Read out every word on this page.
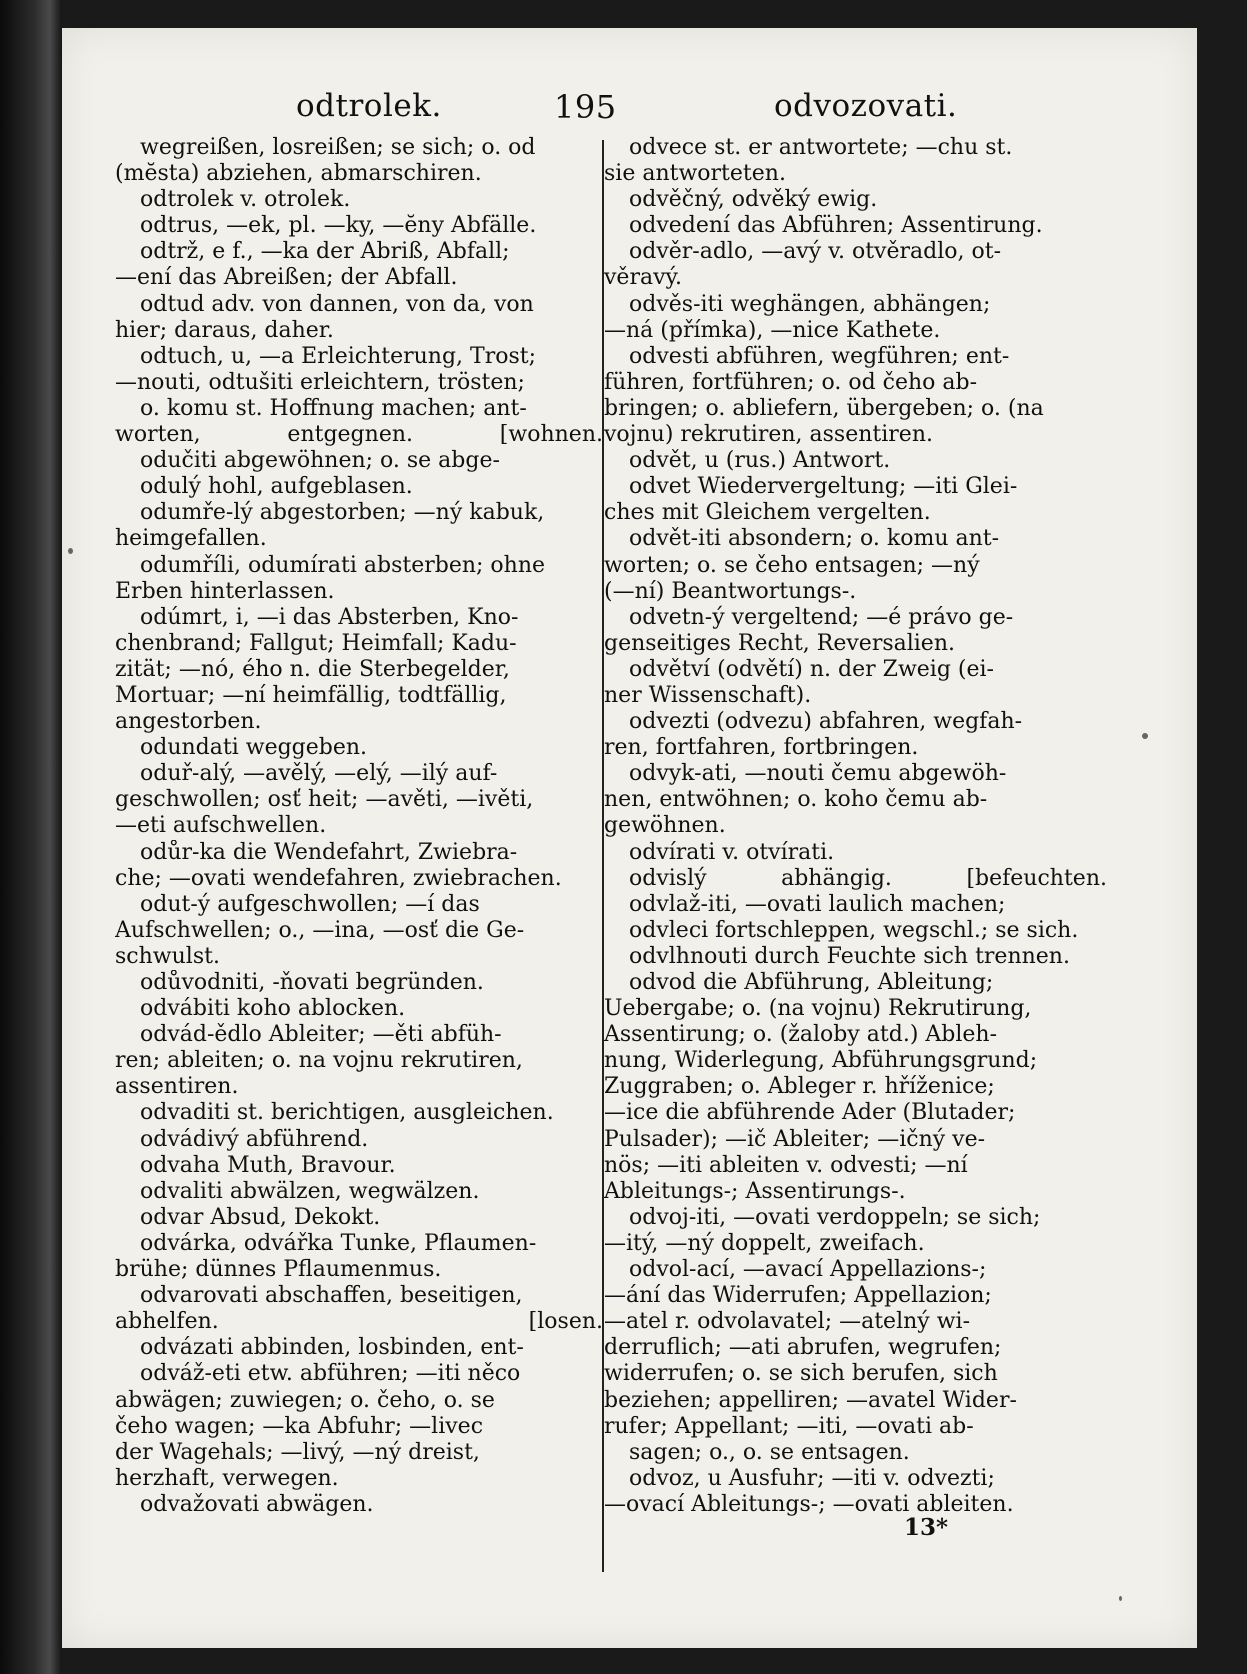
odtrolek.	195	odvozovati.
wegreißen, losreißen; se sich; o. od
(mĕsta) abziehen, abmarschiren.
odtrolek v. otrolek.
odtrus, —ek, pl. —ky, —ĕny Abfälle.
odtrž, e f., —ka der Abriß, Abfall;
—ení das Abreißen; der Abfall.
odtud adv. von dannen, von da, von
hier; daraus, daher.
odtuch, u, —a Erleichterung, Trost;
—nouti, odtušiti erleichtern, trösten;
o. komu st. Hoffnung machen; ant-
worten, entgegnen. [wohnen.
odučiti abgewöhnen; o. se abge-
odulý hohl, aufgeblasen.
odumře-lý abgestorben; —ný kabuk,
heimgefallen.
odumříli, odumírati absterben; ohne
Erben hinterlassen.
odúmrt, i, —i das Absterben, Kno-
chenbrand; Fallgut; Heimfall; Kadu-
zität; —nó, ého n. die Sterbegelder,
Mortuar; —ní heimfällig, todtfällig,
angestorben.
odundati weggeben.
oduř-alý, —avělý, —elý, —ilý auf-
geschwollen; osť heit; —avěti, —ivěti,
—eti aufschwellen.
odůr-ka die Wendefahrt, Zwiebra-
che; —ovati wendefahren, zwiebrachen.
odut-ý aufgeschwollen; —í das
Aufschwellen; o., —ina, —osť die Ge-
schwulst.
odůvodniti, -ňovati begründen.
odvábiti koho ablocken.
odvád-ědlo Ableiter; —ěti abfüh-
ren; ableiten; o. na vojnu rekrutiren,
assentiren.
odvaditi st. berichtigen, ausgleichen.
odvádivý abführend.
odvaha Muth, Bravour.
odvaliti abwälzen, wegwälzen.
odvar Absud, Dekokt.
odvárka, odvářka Tunke, Pflaumen-
brühe; dünnes Pflaumenmus.
odvarovati abschaffen, beseitigen,
abhelfen. [losen.
odvázati abbinden, losbinden, ent-
odváž-eti etw. abführen; —iti něco
abwägen; zuwiegen; o. čeho, o. se
čeho wagen; —ka Abfuhr; —livec
der Wagehals; —livý, —ný dreist,
herzhaft, verwegen.
odvažovati abwägen.
odvece st. er antwortete; —chu st.
sie antworteten.
odvěčný, odvěký ewig.
odvedení das Abführen; Assentirung.
odvěr-adlo, —avý v. otvěradlo, ot-
věravý.
odvěs-iti weghängen, abhängen;
—ná (přímka), —nice Kathete.
odvesti abführen, wegführen; ent-
führen, fortführen; o. od čeho ab-
bringen; o. abliefern, übergeben; o. (na
vojnu) rekrutiren, assentiren.
odvět, u (rus.) Antwort.
odvet Wiedervergeltung; —iti Glei-
ches mit Gleichem vergelten.
odvět-iti absondern; o. komu ant-
worten; o. se čeho entsagen; —ný
(—ní) Beantwortungs-.
odvetn-ý vergeltend; —é právo ge-
genseitiges Recht, Reversalien.
odvětví (odvětí) n. der Zweig (ei-
ner Wissenschaft).
odvezti (odvezu) abfahren, wegfah-
ren, fortfahren, fortbringen.
odvyk-ati, —nouti čemu abgewöh-
nen, entwöhnen; o. koho čemu ab-
gewöhnen.
odvírati v. otvírati.
odvislý abhängig. [befeuchten.
odvlaž-iti, —ovati laulich machen;
odvleci fortschleppen, wegschl.; se sich.
odvlhnouti durch Feuchte sich trennen.
odvod die Abführung, Ableitung;
Uebergabe; o. (na vojnu) Rekrutirung,
Assentirung; o. (žaloby atd.) Ableh-
nung, Widerlegung, Abführungsgrund;
Zuggraben; o. Ableger r. hříženice;
—ice die abführende Ader (Blutader;
Pulsader); —ič Ableiter; —ičný ve-
nös; —iti ableiten v. odvesti; —ní
Ableitungs-; Assentirungs-.
odvoj-iti, —ovati verdoppeln; se sich;
—itý, —ný doppelt, zweifach.
odvol-ací, —avací Appellazions-;
—ání das Widerrufen; Appellazion;
—atel r. odvolavatel; —atelný wi-
derruflich; —ati abrufen, wegrufen;
widerrufen; o. se sich berufen, sich
beziehen; appelliren; —avatel Wider-
rufer; Appellant; —iti, —ovati ab-
sagen; o., o. se entsagen.
odvoz, u Ausfuhr; —iti v. odvezti;
—ovací Ableitungs-; —ovati ableiten.
13*
